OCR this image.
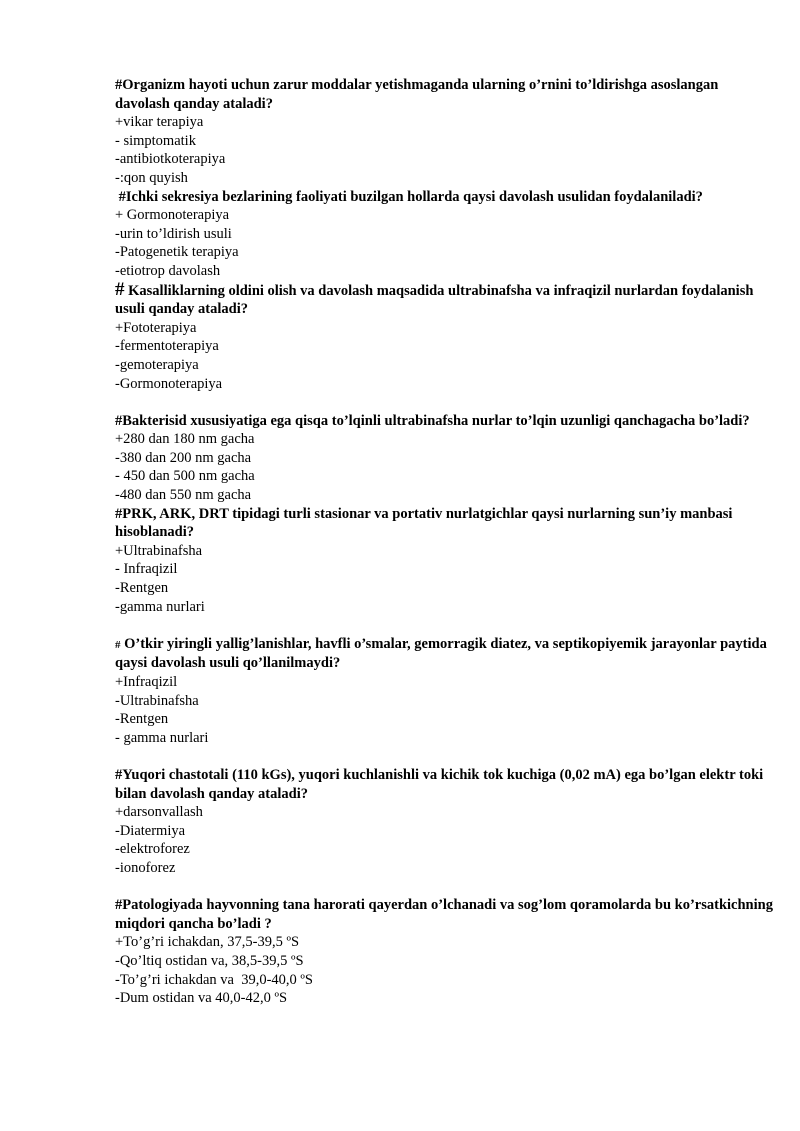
#Organizm hayoti uchun zarur moddalar yetishmaganda ularning o’rnini to’ldirishga asoslangan davolash qanday ataladi?
+vikar terapiya
- simptomatik
-antibiotkoterapiya
-:qon quyish
#Ichki sekresiya bezlarining faoliyati buzilgan hollarda qaysi davolash usulidan foydalaniladi?
+ Gormonoterapiya
-urin to’ldirish usuli
-Patogenetik terapiya
-etiotrop davolash
# Kasalliklarning oldini olish va davolash maqsadida ultrabinafsha va infraqizil nurlardan foydalanish usuli qanday ataladi?
+Fototerapiya
-fermentoterapiya
-gemoterapiya
-Gormonoterapiya
#Bakterisid xususiyatiga ega qisqa to’lqinli ultrabinafsha nurlar to’lqin uzunligi qanchagacha bo’ladi?
+280 dan 180 nm gacha
-380 dan 200 nm gacha
- 450 dan 500 nm gacha
-480 dan 550 nm gacha
#PRK, ARK, DRT tipidagi turli stasionar va portativ nurlatgichlar qaysi nurlarning sun’iy manbasi hisoblanadi?
+Ultrabinafsha
- Infraqizil
-Rentgen
-gamma nurlari
# O’tkir yiringli yallig’lanishlar, havfli o’smalar, gemorragik diatez, va septikopiyemik jarayonlar paytida qaysi davolash usuli qo’llanilmaydi?
+Infraqizil
-Ultrabinafsha
-Rentgen
- gamma nurlari
#Yuqori chastotali (110 kGs), yuqori kuchlanishli va kichik tok kuchiga (0,02 mA) ega bo’lgan elektr toki bilan davolash qanday ataladi?
+darsonvallash
-Diatermiya
-elektroforez
-ionoforez
#Patologiyada hayvonning tana harorati qayerdan o’lchanadi va sog’lom qoramolarda bu ko’rsatkichning miqdori qancha bo’ladi ?
+To’g’ri ichakdan, 37,5-39,5 ºS
-Qo’ltiq ostidan va, 38,5-39,5 ºS
-To’g’ri ichakdan va  39,0-40,0 ºS
-Dum ostidan va 40,0-42,0 ºS
